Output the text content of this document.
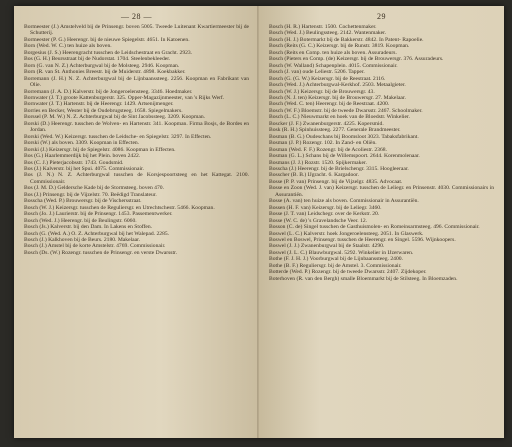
— 28 —
Bormeester (J.) Amstelveld bij de Prinsengr. boven 5005. Tweede Luitenant Kwartiermeester bij de Schutterij.
Bormeester (P. G.) Heerengr. bij de nieuwe Spiegelstr. 4651. In Katoenen.
Born (Wed. W. C.) ten huize als boven.
Borgesius (J. S.) Heerengracht tusschen de Leidschestraat en Gracht. 2923.
Bos (G. H.) Beursstraat bij de Nudorstat. 1704. Steelenbekleeder.
Born (G. van N. Z.) Achterburgwal bij de Molsteeg. 2946. Koopman.
Born (R. van St. Anthonies Breestr. bij de Muiderstr. 4898. Koekbakker.
Borremann (J. H.) N. Z. Achterburgwal bij de Lijnbaanssteeg. 2256. Koopman en Fabrikant van Olie.
Borremann (J. A. D.) Kalverstr. bij de Jongeroelensteeg. 3346. Hoedmaker.
Bornwater (J. T.) groote Kattenburgerstr. 325. Opper-Magazijnmeester, van 's Rijks Werf.
Bornwater (J. T.) Hartenstr. bij de Heerengr. 1429. Artsenijmenger.
Borries en Becker, Wester bij de Oudebrugsteeg. 1658. Spiegelmakers.
Borssel (P. M. W.) N. Z. Achterburgwal bij de Sint Jacobssteeg. 3209. Koopman.
Borski (D.) Heerengr. tusschen de Wolven- en Hartenstr. 341. Koopman. Firma Bosjs, de Bordes en Jordan.
Borski (Wed. W.) Keizersgr. tusschen de Leidsche- en Spiegelstr. 3297. In Effecten.
Borski (W.) als boven. 3309. Koopman in Effecten.
Borski (J.) Keizersgr. bij de Spiegelstr. 4086. Koopman in Effecten.
Bos (G.) Haarlemmerdijk bij het Plein. boven 2422.
Bos (C. J.) Pieterjacobsstr. 1743. Goudsmid.
Bos (J.) Kalverstr. bij het Spui. 4075. Commissionair.
Bos (J. N.) N. Z. Achterburgwal tusschen de Korsjespoortsteeg en het Kattegat. 2100. Commissionair.
Bos (J. M. D.) Geldersche Kade bij de Stormsteeg. boven 470.
Bos (J.) Prinsengr. bij de Vijzelstr. 70. Beëdigd Translateur.
Bosscha (Wed. P.) Brouwersgr. bij de Vischersstraat.
Bosch (W. J.) Keizersgr. tusschen de Reguliersgr. en Utrechtschestr. 5466. Koopman.
Bosch (Jo. J.) Laurierstr. bij de Prinsengr. 1453. Passementwerker.
Bosch (Wed. J.) Heerengr. bij de Beulingstr. 6060.
Bosch (Js.) Kalverstr. bij den Dam. In Lakens en Stoffen.
Bosch (G. (Wed. A.) O. Z. Achterburgwal bij het Walepad. 2285.
Bosch (J.) Kalkhoven bij de Beurs. 2180. Makelaar.
Bosch (J.) Amstel bij de korte Amstelstr. 4769. Commissionair.
Bosch (Ds. (W.) Rozengr. tusschen de Prinsengr. en verste Dwarsstr.
29
Bosch (H. R.) Hartenstr. 1500. Cochettenmaker.
Bosch (Wed. J.) Beulingssteeg. 2142. Wantenmaker.
Bosch (H. J.) Botermarkt bij de Bakkerstr. 4842. In Patent- Rapoelie.
Bosch (Reits (G. C.) Keizersgr. bij de Runstr. 3819. Koopman.
Bosch (Reits en Comp. ten huize als boven. Assuradeurs.
Bosch (Pieters en Comp. (de) Keizersgr. bij de Brouwersgr. 376. Assuradeurs.
Bosch (W. Walland) Schapenplein. 4015. Commissionair.
Bosch (J. van) oude Leliestr. 5206. Tapper.
Bosch (G. (G. W.) Keizersgr. bij de Reestraat. 2116.
Bosch (Wed. J.) Achterburgwal-Kerkhof. 2503. Metaalgieter.
Bosch (W. J.) Keizersgr. bij de Brouwersgr. 43.
Bosch (N. J. ten) Keizersgr. bij de Brouwersgr. 27. Makelaar.
Bosch (Wed. C. ten) Heerengr. bij de Reestraat. 4200.
Bosch (W. F.) Bloemstr. bij de tweede Dwarsstr. 2467. Schoolmaker.
Bosch (L. C.) Nieuwmarkt en hoek van de Bloedstr. Winkelier.
Boscker (J. F.) Zwanenburgerstr. 4225. Kopersmid.
Bosk (R. H.) Spinhuissteeg. 2277. Generale Brandmeester.
Bosman (B. G.) Oudeschans bij Boomsloot 3023. Tabaksfabrikant.
Bosman (J. P.) Rozengr. 102. In Zand- en Oliën.
Bosman (Wed. F. F.) Rozengr. bij de Acoliestr. 2368.
Bosman (G. L.) Schans bij de Willemspoort. 2644. Korenmolenaar.
Bosmans (J. J.) Rozstr. 1520. Spijkermaker.
Bosscha (J.) Heerengr. bij de Brielschengr. 3315. Hoogleeraar.
Bosscher (B. B.) IJgracht. 6. Kargadoor.
Bosse (P. P. van) Prinsengr. bij de Vijzelgr. 4835. Advocaat.
Bosse en Zoon (Wed. J. van) Keizersgr. tusschen de Leliegr. en Prinsenstr. 4030. Commissionairs in Assurantiën.
Bosse (A. van) ten huize als boven. Commissionair in Assurantiën.
Bossen (H. F. van) Keizersgr. bij de Leliegr. 3460.
Bosse (J. T. van) Leidschegr. over de Kerkstr. 20.
Bosse (W. C. de) 's Gravelandsche Veer. 12.
Bosson (C. de) Singel tusschen de Gasthuismolen- en Romeinsarmsteeg. 496. Commissionair.
Boswel (L. C.) Kalverstr. hoek Jongeroelensteeg. 2051. In Glaswerk.
Boswel en Boswel, Prinsengr. tusschen de Heerengr. en Singel. 5596. Wijnkoopers.
Boswel (J. J.) Zwanenburgwal bij de Staalstr. 4290.
Boswel (J. L. C.) Blauwburgwal. 5292. Winkelier in IJzerwaren.
Bothe (F. J. H. J.) Voorburgwal bij de Lijnbaanssteeg. 2400.
Bothe (B. F.) Reguliersgr. bij de Amstel. 3. Commissionair.
Botterde (Wed. P.) Rozengr. bij de tweede Dwarsstr. 2407. Zijdekoper.
Boterhoven (R. van den Bergh) smalle Bloemmarkt bij de Stilsteeg. In Bloemzaden.
